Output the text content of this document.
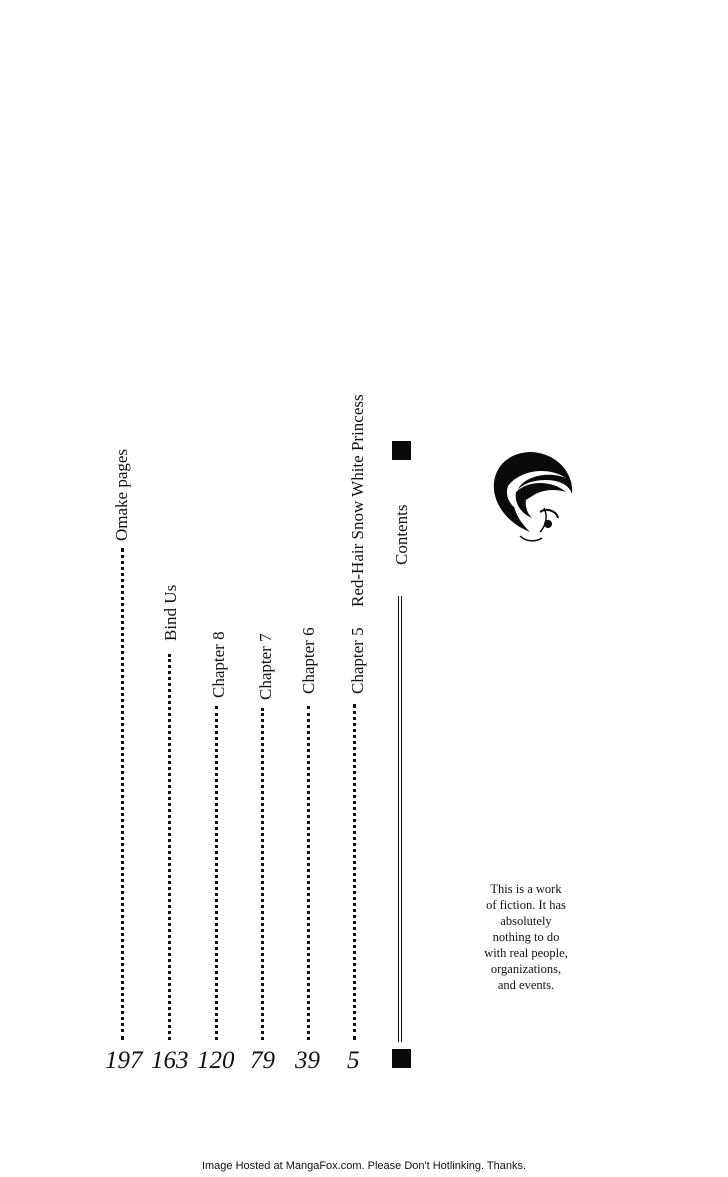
Contents
Red-Hair Snow White Princess
Chapter 5
5
Chapter 6
39
Chapter 7
79
Chapter 8
120
Bind Us
163
Omake pages
197
This is a work
of fiction. It has
absolutely
nothing to do
with real people,
organizations,
and events.
Image Hosted at MangaFox.com. Please Don't Hotlinking. Thanks.
